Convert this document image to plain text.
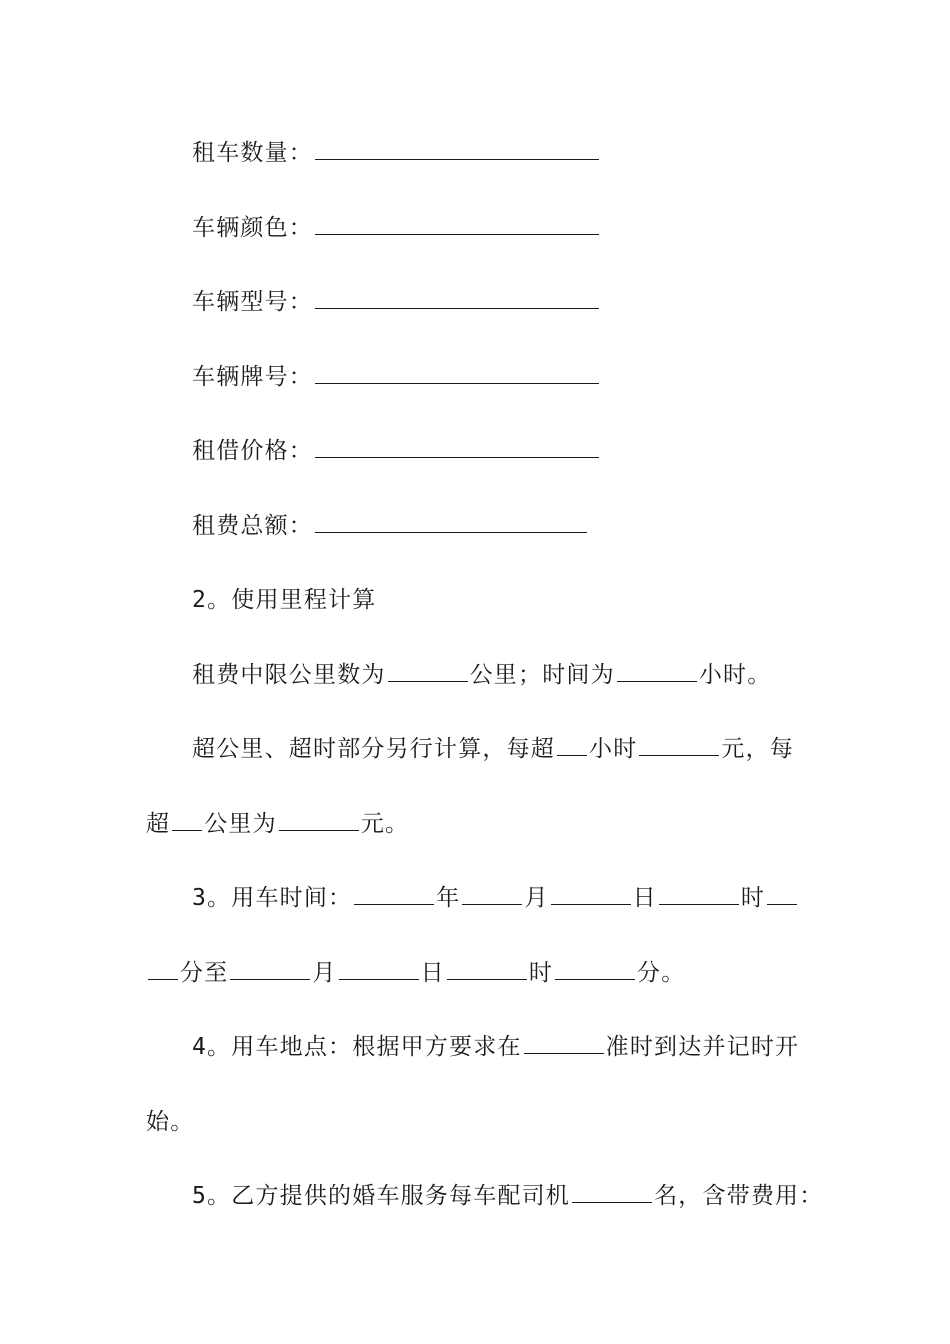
租车数量：
车辆颜色：
车辆型号：
车辆牌号：
租借价格：
租费总额：
2。使用里程计算
租费中限公里数为	公里；时间为	小时。
超公里、超时部分另行计算，每超 小时	元，每
超 公里为	元。
3。用车时间：	年	月	日	时
分至	月	日	时	分。
4。用车地点：根据甲方要求在	准时到达并记时开
始。
5。乙方提供的婚车服务每车配司机	名，含带费用：
